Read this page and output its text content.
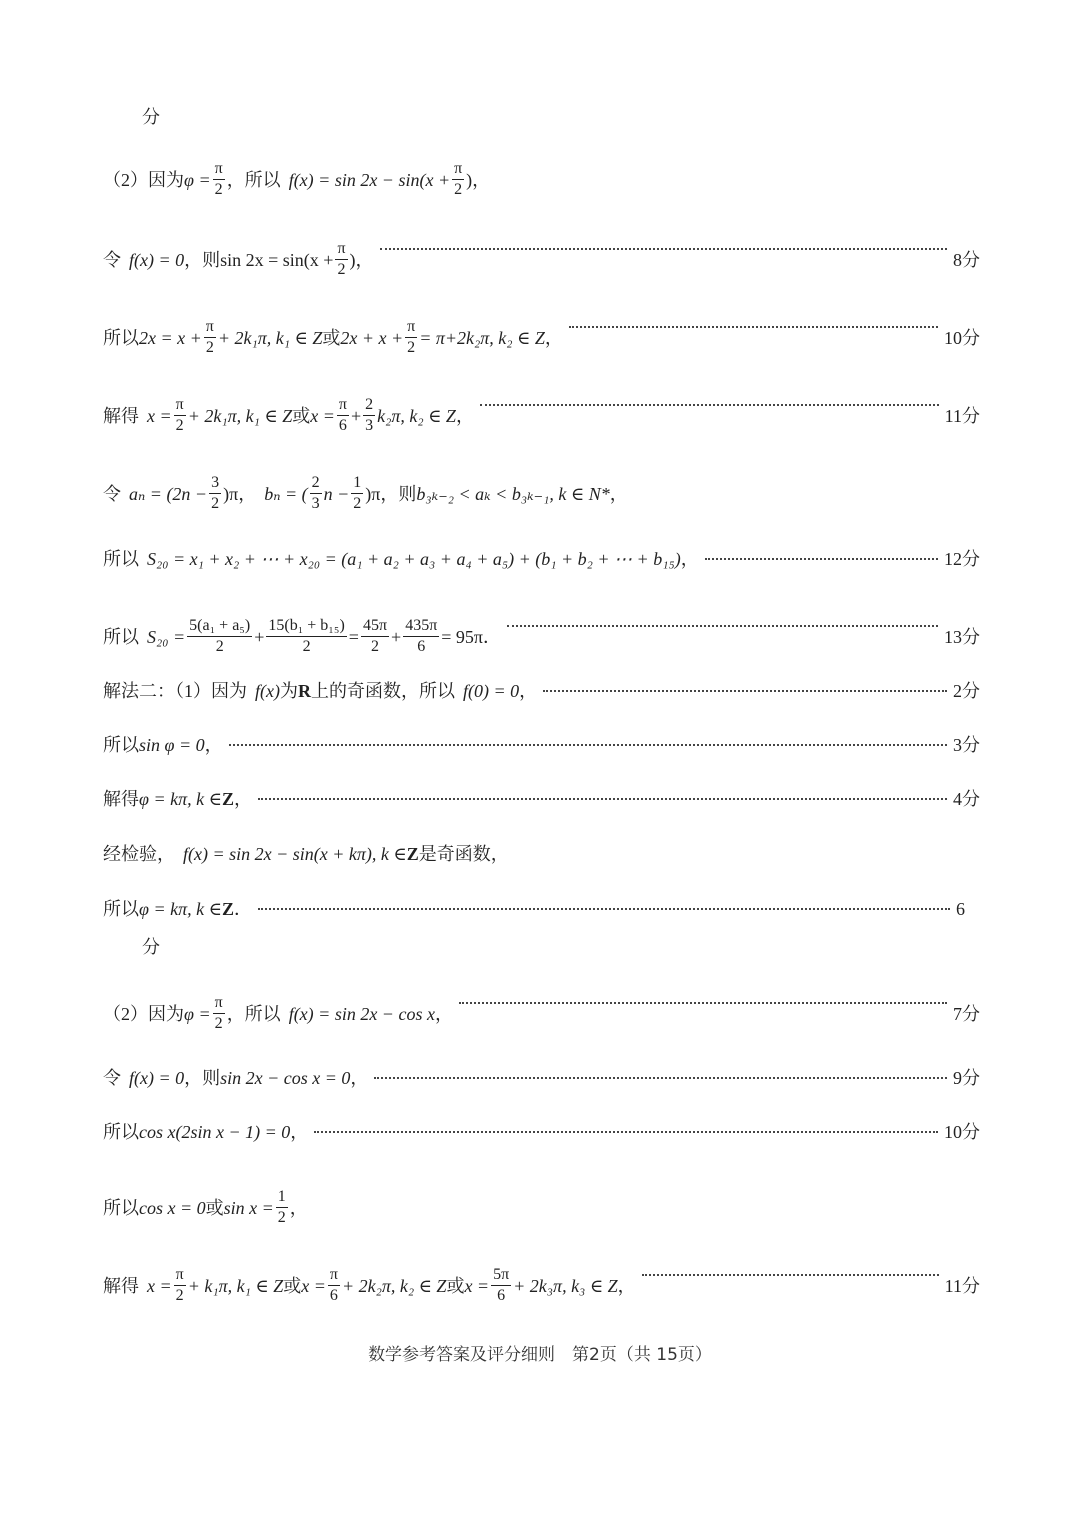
分
（2）因为 $\varphi = \frac{\pi}{2}$ ，所以 $f(x) = \sin 2x - \sin(x + \frac{\pi}{2}$ )，
令 f(x) = 0 ，则 $\sin 2x = \sin(x + \frac{\pi}{2}$ )，	8分
所以 $2x = x + \frac{\pi}{2} + 2k_1\pi$, k₁ ∈ Z 或 $2x + x + \frac{\pi}{2} = \pi+2k_2\pi$, k₂ ∈ Z ，	10分
解得 $x = \frac{\pi}{2} + 2k_1\pi$, k₁ ∈ Z 或 $x = \frac{\pi}{6} + \frac{2}{3} k_2\pi$, k₂ ∈ Z ，	11分
令 $a_n = (2n - \frac{3}{2} )\pi$ ， bₙ = ( $\frac{2}{3}$ $n - \frac{1}{2} )\pi$ ，则 b₃ₖ₋₂ < aₖ < b₃ₖ₋₁, k ∈ N* ，
所以 S₂₀ = x₁ + x₂ + ⋯ + x₂₀ = (a₁ + a₂ + a₃ + a₄ + a₅) + (b₁ + b₂ + ⋯ + b₁₅) ，	12分
所以 $S_{20} = \frac{\text{5(a₁ + a₅)}}{2} + \frac{\text{15(b₁ + b₁₅)}}{2} = \frac{45\pi}{2} + \frac{435\pi}{6} = 95\pi$ ．	13分
解法二：（1）因为 f(x) 为 R 上的奇函数，所以 f(0) = 0 ，	2分
所以 sin φ = 0 ，	3分
解得 φ = kπ, k ∈ Z ，	4分
经检验， f(x) = sin 2x − sin(x + kπ), k ∈ Z 是奇函数，
所以 φ = kπ, k ∈ Z ．	6
分
（2）因为 $\varphi = \frac{\pi}{2}$ ，所以 f(x) = sin 2x − cos x ，	7分
令 f(x) = 0 ，则 sin 2x − cos x = 0 ，	9分
所以 cos x(2sin x − 1) = 0 ，	10分
所以 cos x = 0 或 $\sin x = \frac{1}{2}$ ，
解得 $x = \frac{\pi}{2} + k_1\pi$, k₁ ∈ Z 或 $x = \frac{\pi}{6} + 2k_2\pi$, k₂ ∈ Z 或 $x = \frac{5\pi}{6} + 2k_3\pi$, k₃ ∈ Z ，	11分
数学参考答案及评分细则　第2页（共 15页）
